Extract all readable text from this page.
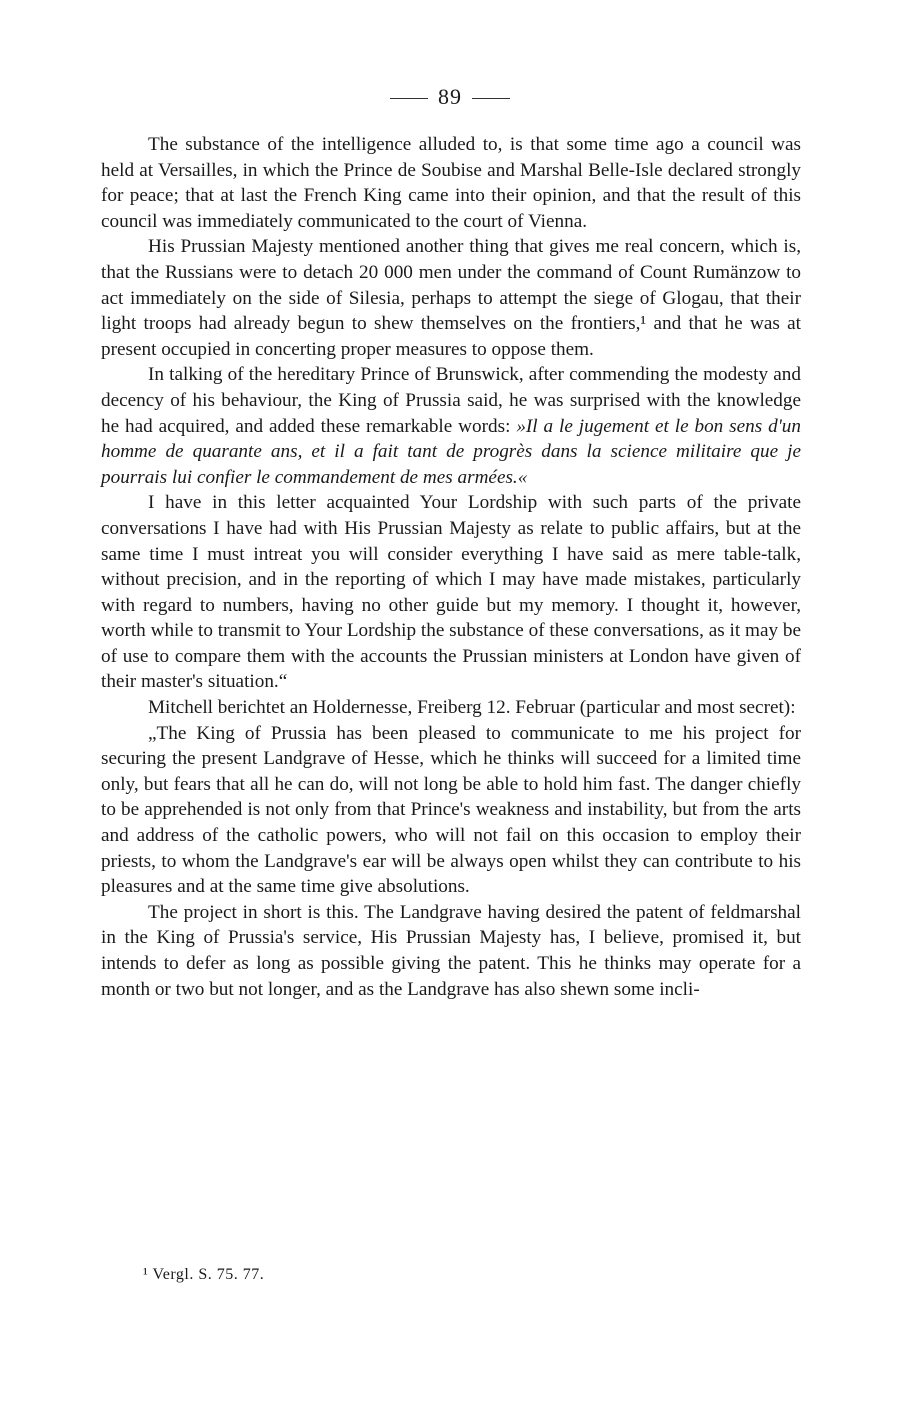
89

The substance of the intelligence alluded to, is that some time ago a council was held at Versailles, in which the Prince de Soubise and Marshal Belle-Isle declared strongly for peace; that at last the French King came into their opinion, and that the result of this council was immediately communicated to the court of Vienna.

His Prussian Majesty mentioned another thing that gives me real concern, which is, that the Russians were to detach 20 000 men under the command of Count Rumänzow to act immediately on the side of Silesia, perhaps to attempt the siege of Glogau, that their light troops had already begun to shew themselves on the frontiers,¹ and that he was at present occupied in concerting proper measures to oppose them.

In talking of the hereditary Prince of Brunswick, after commending the modesty and decency of his behaviour, the King of Prussia said, he was surprised with the knowledge he had acquired, and added these remarkable words: »Il a le jugement et le bon sens d'un homme de quarante ans, et il a fait tant de progrès dans la science militaire que je pourrais lui confier le commandement de mes armées.«

I have in this letter acquainted Your Lordship with such parts of the private conversations I have had with His Prussian Majesty as relate to public affairs, but at the same time I must intreat you will consider everything I have said as mere table-talk, without precision, and in the reporting of which I may have made mistakes, particularly with regard to numbers, having no other guide but my memory. I thought it, however, worth while to transmit to Your Lordship the substance of these conversations, as it may be of use to compare them with the accounts the Prussian ministers at London have given of their master's situation.“

Mitchell berichtet an Holdernesse, Freiberg 12. Februar (particular and most secret):

„The King of Prussia has been pleased to communicate to me his project for securing the present Landgrave of Hesse, which he thinks will succeed for a limited time only, but fears that all he can do, will not long be able to hold him fast. The danger chiefly to be apprehended is not only from that Prince's weakness and instability, but from the arts and address of the catholic powers, who will not fail on this occasion to employ their priests, to whom the Landgrave's ear will be always open whilst they can contribute to his pleasures and at the same time give absolutions.

The project in short is this. The Landgrave having desired the patent of feldmarshal in the King of Prussia's service, His Prussian Majesty has, I believe, promised it, but intends to defer as long as possible giving the patent. This he thinks may operate for a month or two but not longer, and as the Landgrave has also shewn some incli-

¹ Vergl. S. 75. 77.
